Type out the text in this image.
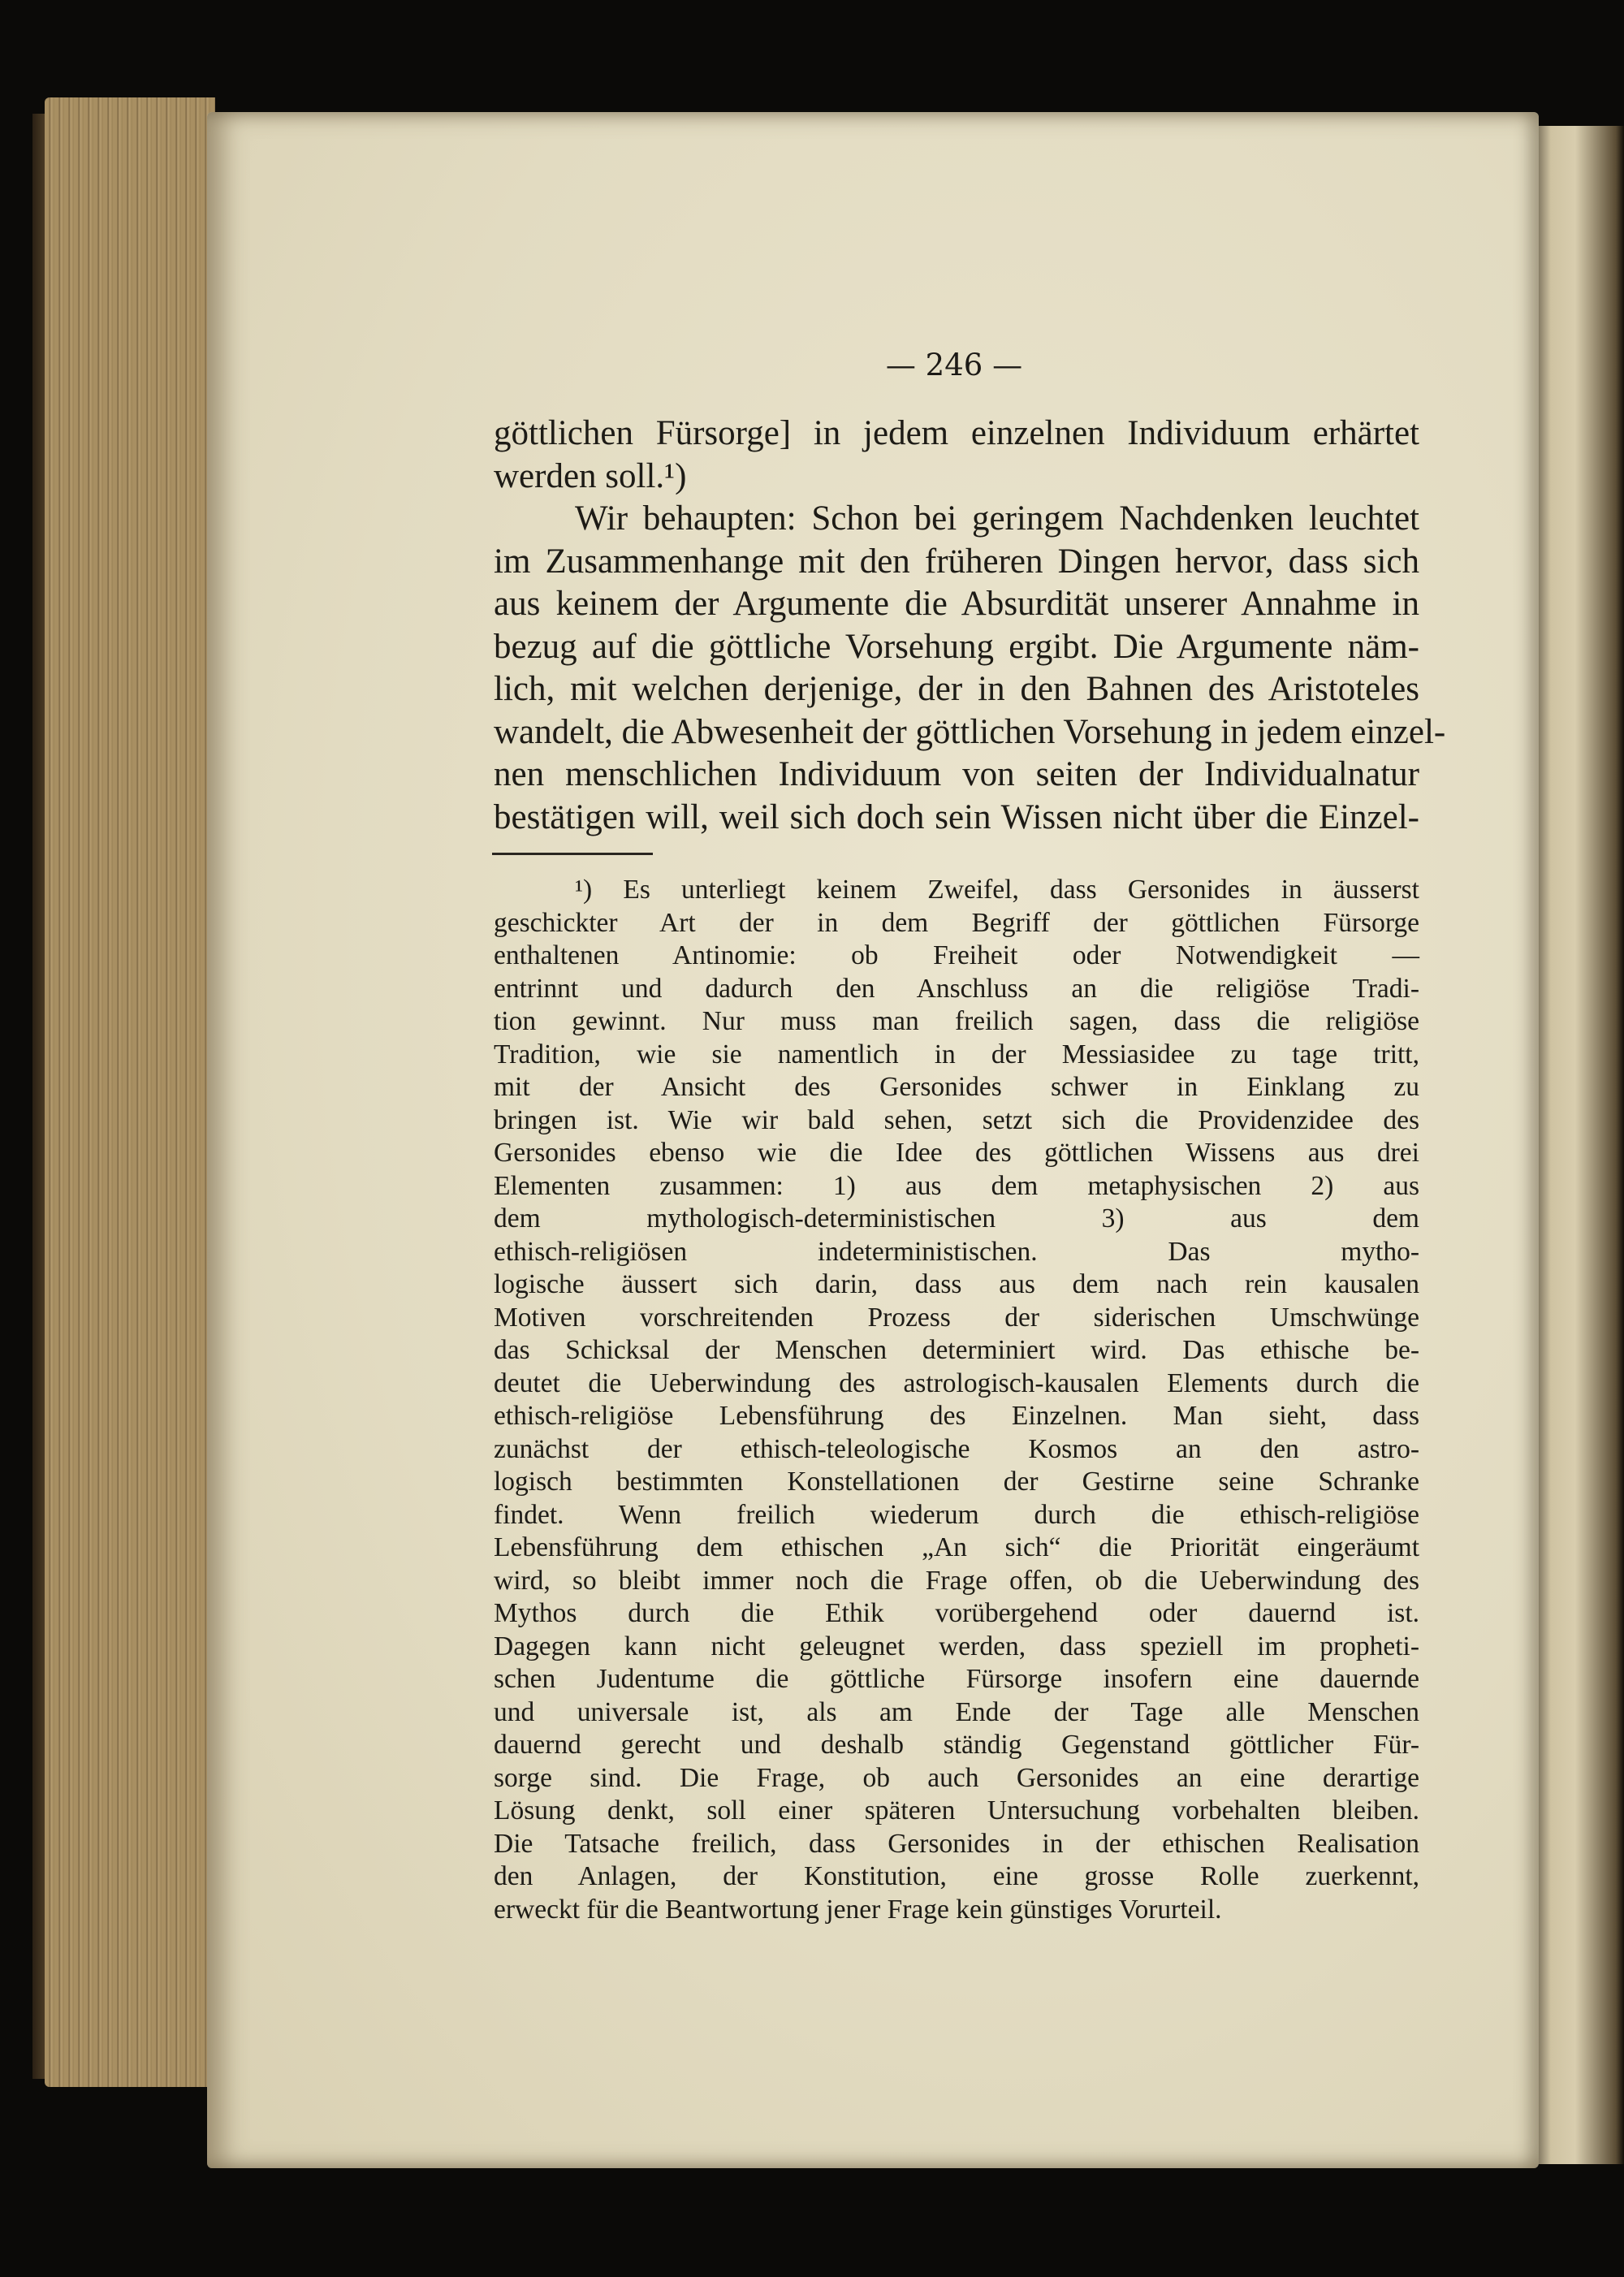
— 246 —
göttlichen Fürsorge] in jedem einzelnen Individuum erhärtet
werden soll.¹)
Wir behaupten: Schon bei geringem Nachdenken leuchtet
im Zusammenhange mit den früheren Dingen hervor, dass sich
aus keinem der Argumente die Absurdität unserer Annahme in
bezug auf die göttliche Vorsehung ergibt. Die Argumente näm-
lich, mit welchen derjenige, der in den Bahnen des Aristoteles
wandelt, die Abwesenheit der göttlichen Vorsehung in jedem einzel-
nen menschlichen Individuum von seiten der Individualnatur
bestätigen will, weil sich doch sein Wissen nicht über die Einzel-
¹) Es unterliegt keinem Zweifel, dass Gersonides in äusserst
geschickter Art der in dem Begriff der göttlichen Fürsorge
enthaltenen Antinomie: ob Freiheit oder Notwendigkeit —
entrinnt und dadurch den Anschluss an die religiöse Tradi-
tion gewinnt. Nur muss man freilich sagen, dass die religiöse
Tradition, wie sie namentlich in der Messiasidee zu tage tritt,
mit der Ansicht des Gersonides schwer in Einklang zu
bringen ist. Wie wir bald sehen, setzt sich die Providenzidee des
Gersonides ebenso wie die Idee des göttlichen Wissens aus drei
Elementen zusammen: 1) aus dem metaphysischen 2) aus
dem mythologisch-deterministischen 3) aus dem
ethisch-religiösen indeterministischen. Das mytho-
logische äussert sich darin, dass aus dem nach rein kausalen
Motiven vorschreitenden Prozess der siderischen Umschwünge
das Schicksal der Menschen determiniert wird. Das ethische be-
deutet die Ueberwindung des astrologisch-kausalen Elements durch die
ethisch-religiöse Lebensführung des Einzelnen. Man sieht, dass
zunächst der ethisch-teleologische Kosmos an den astro-
logisch bestimmten Konstellationen der Gestirne seine Schranke
findet. Wenn freilich wiederum durch die ethisch-religiöse
Lebensführung dem ethischen „An sich“ die Priorität eingeräumt
wird, so bleibt immer noch die Frage offen, ob die Ueberwindung des
Mythos durch die Ethik vorübergehend oder dauernd ist.
Dagegen kann nicht geleugnet werden, dass speziell im propheti-
schen Judentume die göttliche Fürsorge insofern eine dauernde
und universale ist, als am Ende der Tage alle Menschen
dauernd gerecht und deshalb ständig Gegenstand göttlicher Für-
sorge sind. Die Frage, ob auch Gersonides an eine derartige
Lösung denkt, soll einer späteren Untersuchung vorbehalten bleiben.
Die Tatsache freilich, dass Gersonides in der ethischen Realisation
den Anlagen, der Konstitution, eine grosse Rolle zuerkennt,
erweckt für die Beantwortung jener Frage kein günstiges Vorurteil.
